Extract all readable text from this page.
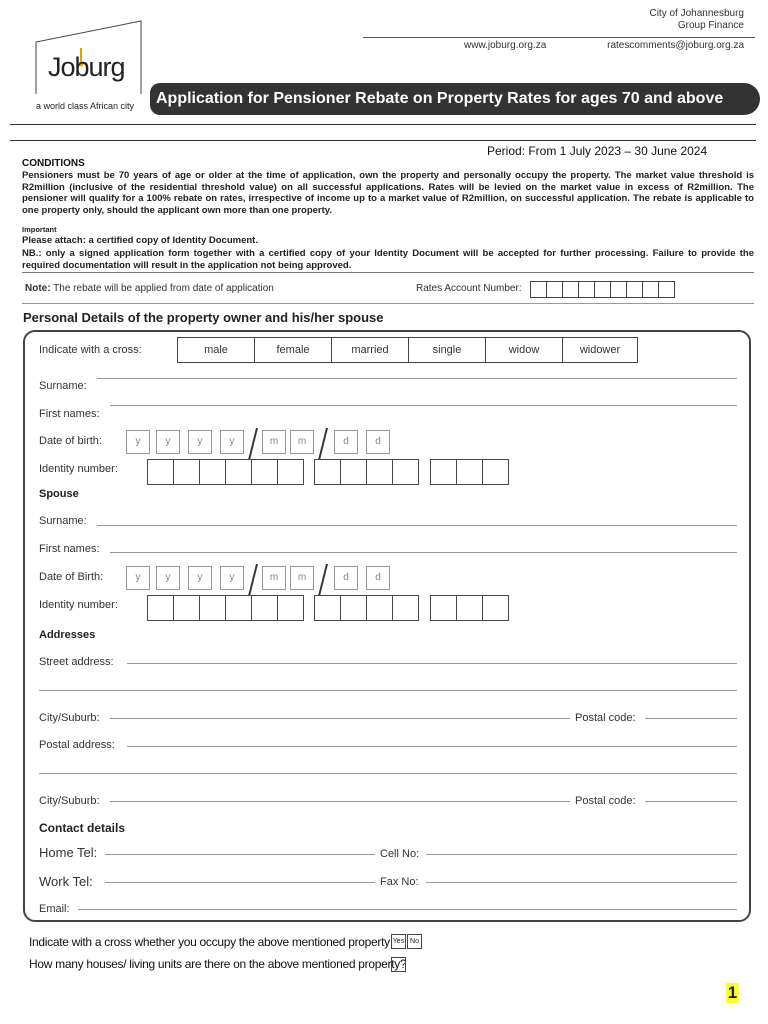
City of Johannesburg
Group Finance
www.joburg.org.za	ratescomments@joburg.org.za
Joburg
a world class African city	Application for Pensioner Rebate on Property Rates for ages 70 and above
Period: From 1 July 2023 – 30 June 2024
CONDITIONS
Pensioners must be 70 years of age or older at the time of application, own the property and personally occupy the property. The market value threshold is R2million (inclusive of the residential threshold value) on all successful applications. Rates will be levied on the market value in excess of R2million. The pensioner will qualify for a 100% rebate on rates, irrespective of income up to a market value of R2million, on successful application. The rebate is applicable to one property only, should the applicant own more than one property.
Important
Please attach: a certified copy of Identity Document.
NB.: only a signed application form together with a certified copy of your Identity Document will be accepted for further processing. Failure to provide the required documentation will result in the application not being approved.
Note: The rebate will be applied from date of application	Rates Account Number:
Personal Details of the property owner and his/her spouse
Indicate with a cross:	male	female	married	single	widow	widower
Surname:
First names:
Date of birth:	y	y	y	y	m	m	d	d
Identity number:
Spouse
Surname:
First names:
Date of Birth:	y	y	y	y	m	m	d	d
Identity number:
Addresses
Street address:
City/Suburb:	Postal code:
Postal address:
City/Suburb:	Postal code:
Contact details
Home Tel:	Cell No:
Work Tel:	Fax No:
Email:
Indicate with a cross whether you occupy the above mentioned property: Yes No
How many houses/ living units are there on the above mentioned property?
1
